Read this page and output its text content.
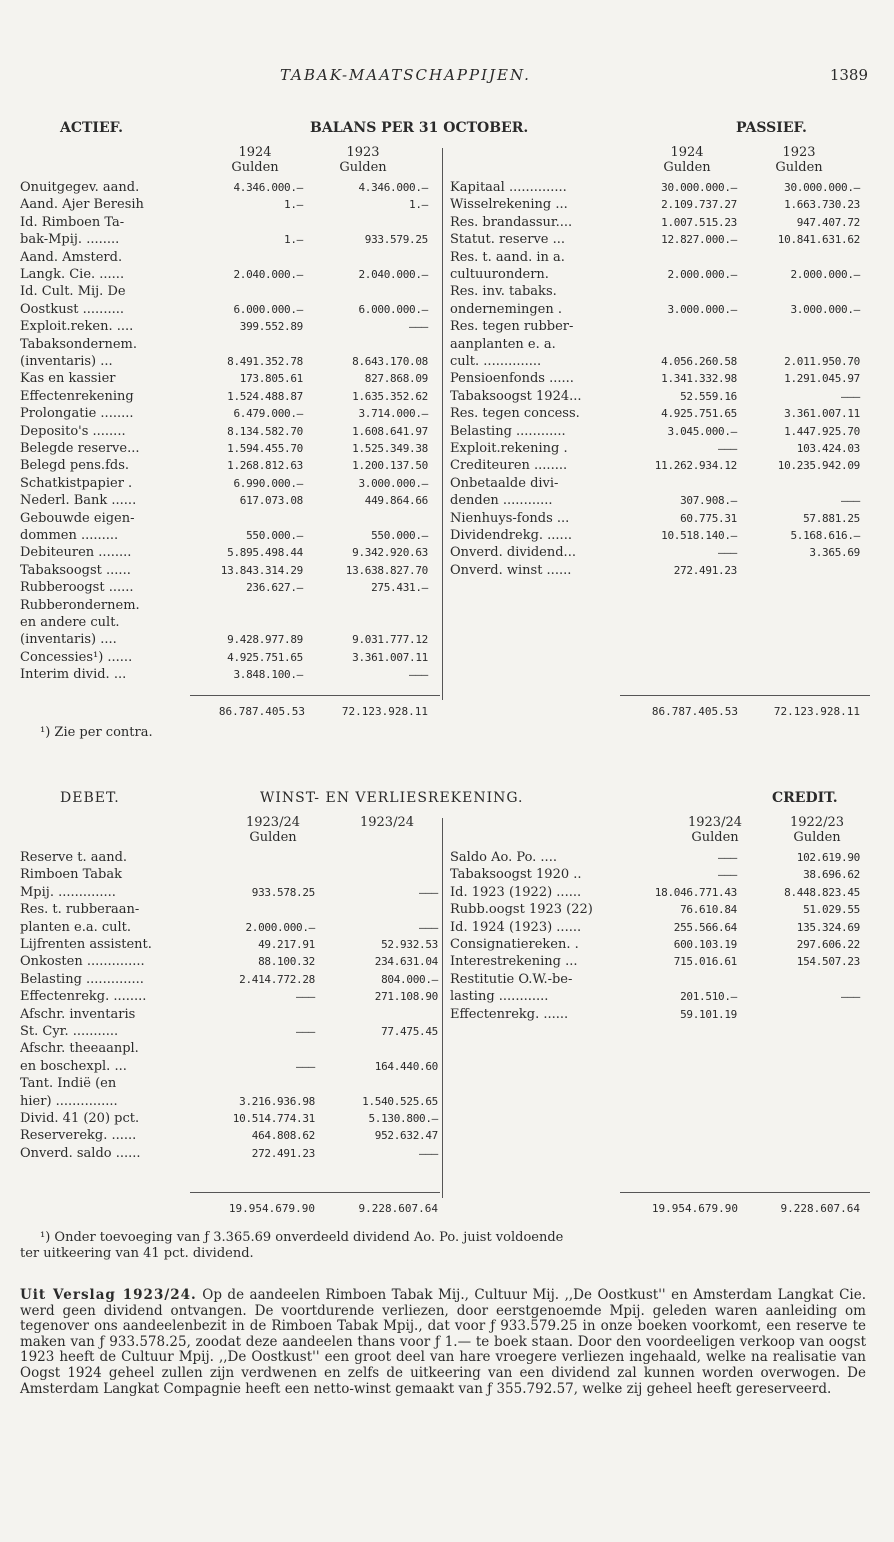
TABAK-MAATSCHAPPIJEN.	1389
ACTIEF.	BALANS PER 31 OCTOBER.	PASSIEF.
1924
Gulden
1923
Gulden
1924
Gulden
1923
Gulden
Onuitgegev. aand.	4.346.000.—	4.346.000.—
Aand. Ajer Beresih	1.—	1.—
Id. Rimboen Ta-
bak-Mpij. ........	1.—	933.579.25
Aand. Amsterd.
Langk. Cie. ......	2.040.000.—	2.040.000.—
Id. Cult. Mij. De
Oostkust ..........	6.000.000.—	6.000.000.—
Exploit.reken. ....	399.552.89	———
Tabaksondernem.
(inventaris) ...	8.491.352.78	8.643.170.08
Kas en kassier	173.805.61	827.868.09
Effectenrekening	1.524.488.87	1.635.352.62
Prolongatie ........	6.479.000.—	3.714.000.—
Deposito's ........	8.134.582.70	1.608.641.97
Belegde reserve...	1.594.455.70	1.525.349.38
Belegd pens.fds.	1.268.812.63	1.200.137.50
Schatkistpapier .	6.990.000.—	3.000.000.—
Nederl. Bank ......	617.073.08	449.864.66
Gebouwde eigen-
dommen .........	550.000.—	550.000.—
Debiteuren ........	5.895.498.44	9.342.920.63
Tabaksoogst ......	13.843.314.29	13.638.827.70
Rubberoogst ......	236.627.—	275.431.—
Rubberondernem.
en andere cult.
(inventaris) ....	9.428.977.89	9.031.777.12
Concessies¹) ......	4.925.751.65	3.361.007.11
Interim divid. ...	3.848.100.—	———
Kapitaal ..............	30.000.000.—	30.000.000.—
Wisselrekening ...	2.109.737.27	1.663.730.23
Res. brandassur....	1.007.515.23	947.407.72
Statut. reserve ...	12.827.000.—	10.841.631.62
Res. t. aand. in a.
cultuurondern.	2.000.000.—	2.000.000.—
Res. inv. tabaks.
ondernemingen .	3.000.000.—	3.000.000.—
Res. tegen rubber-
aanplanten e. a.
cult. ..............	4.056.260.58	2.011.950.70
Pensioenfonds ......	1.341.332.98	1.291.045.97
Tabaksoogst 1924...	52.559.16	———
Res. tegen concess.	4.925.751.65	3.361.007.11
Belasting ............	3.045.000.—	1.447.925.70
Exploit.rekening .	———	103.424.03
Crediteuren ........	11.262.934.12	10.235.942.09
Onbetaalde divi-
denden ............	307.908.—	———
Nienhuys-fonds ...	60.775.31	57.881.25
Dividendrekg. ......	10.518.140.—	5.168.616.—
Onverd. dividend...	———	3.365.69
Onverd. winst ......	272.491.23
86.787.405.53	72.123.928.11	86.787.405.53	72.123.928.11
¹) Zie per contra.
DEBET.	WINST- EN VERLIESREKENING.	CREDIT.
1923/24
Gulden
1923/24	1923/24
Gulden
1922/23
Gulden
Reserve t. aand.
Rimboen Tabak
Mpij. ..............	933.578.25	———
Res. t. rubberaan-
planten e.a. cult.	2.000.000.—	———
Lijfrenten assistent.	49.217.91	52.932.53
Onkosten ..............	88.100.32	234.631.04
Belasting ..............	2.414.772.28	804.000.—
Effectenrekg. ........	———	271.108.90
Afschr. inventaris
St. Cyr. ...........	———	77.475.45
Afschr. theeaanpl.
en boschexpl. ...	———	164.440.60
Tant. Indië (en
hier) ...............	3.216.936.98	1.540.525.65
Divid. 41 (20) pct.	10.514.774.31	5.130.800.—
Reserverekg. ......	464.808.62	952.632.47
Onverd. saldo ......	272.491.23	———
Saldo Ao. Po. ....	———	102.619.90
Tabaksoogst 1920 ..	———	38.696.62
Id. 1923 (1922) ......	18.046.771.43	8.448.823.45
Rubb.oogst 1923 (22)	76.610.84	51.029.55
Id. 1924 (1923) ......	255.566.64	135.324.69
Consignatiereken. .	600.103.19	297.606.22
Interestrekening ...	715.016.61	154.507.23
Restitutie O.W.-be-
lasting ............	201.510.—	———
Effectenrekg. ......	59.101.19
19.954.679.90	9.228.607.64	19.954.679.90	9.228.607.64
¹) Onder toevoeging van ƒ 3.365.69 onverdeeld dividend Ao. Po. juist voldoende
ter uitkeering van 41 pct. dividend.
Uit Verslag 1923/24. Op de aandeelen Rimboen Tabak Mij., Cultuur Mij. ,,De Oostkust'' en Amsterdam Langkat Cie. werd geen dividend ontvangen. De voortdurende verliezen, door eerstgenoemde Mpij. geleden waren aanleiding om tegenover ons aandeelenbezit in de Rimboen Tabak Mpij., dat voor ƒ 933.579.25 in onze boeken voorkomt, een reserve te maken van ƒ 933.578.25, zoodat deze aandeelen thans voor ƒ 1.— te boek staan. Door den voordeeligen verkoop van oogst 1923 heeft de Cultuur Mpij. ,,De Oostkust'' een groot deel van hare vroegere verliezen ingehaald, welke na realisatie van Oogst 1924 geheel zullen zijn verdwenen en zelfs de uitkeering van een dividend zal kunnen worden overwogen. De Amsterdam Langkat Compagnie heeft een netto-winst gemaakt van ƒ 355.792.57, welke zij geheel heeft gereserveerd.
